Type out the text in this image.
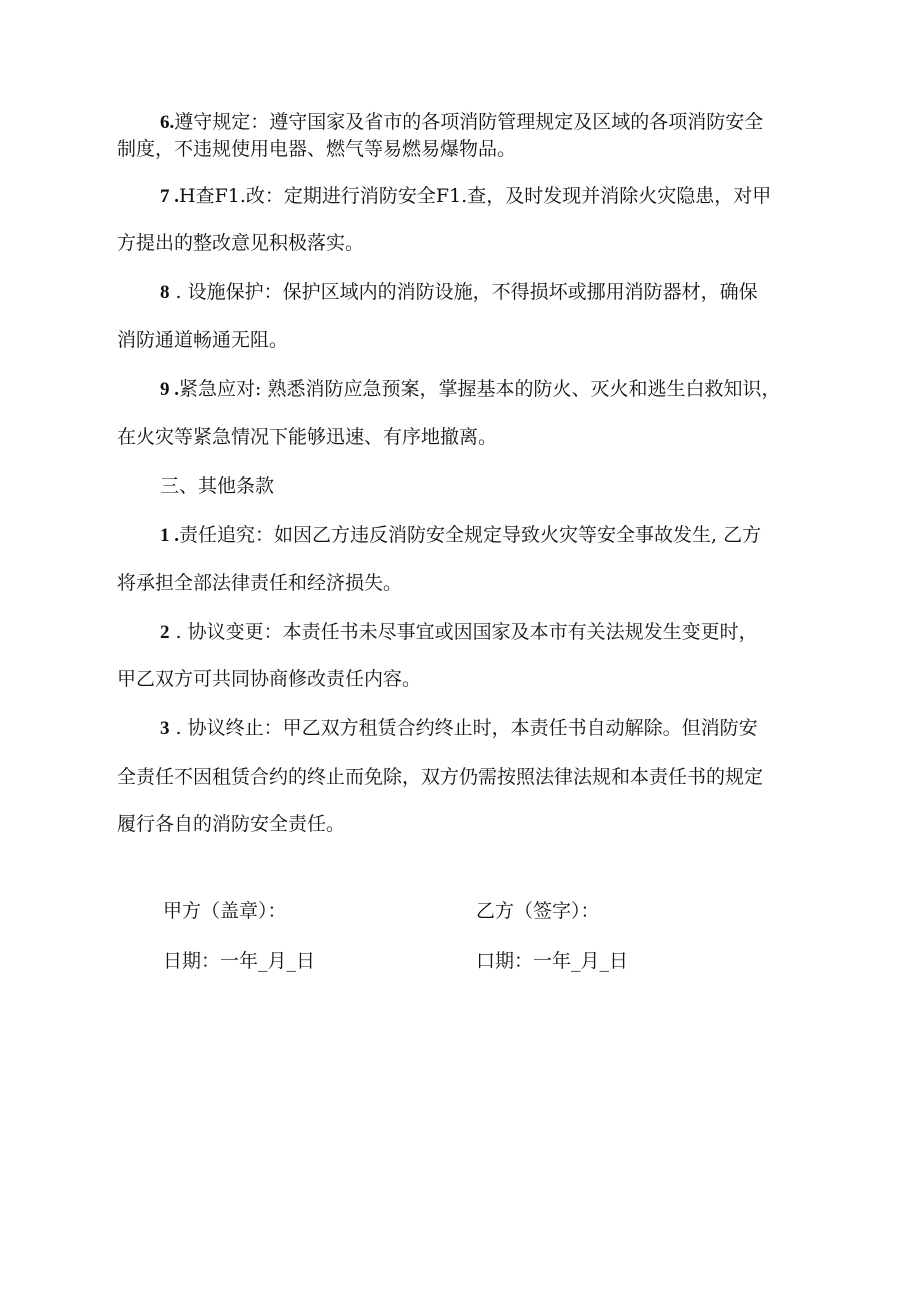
6.遵守规定：遵守国家及省市的各项消防管理规定及区域的各项消防安全

制度，不违规使用电器、燃气等易燃易爆物品。

7 .H查F1.改：定期进行消防安全F1.查，及时发现并消除火灾隐患，对甲

方提出的整改意见积极落实。

8 . 设施保护：保护区域内的消防设施，不得损坏或挪用消防器材，确保

消防通道畅通无阻。

9 .紧急应对: 熟悉消防应急预案，掌握基本的防火、灭火和逃生白救知识，

在火灾等紧急情况下能够迅速、有序地撤离。

三、其他条款

1 .责任追究：如因乙方违反消防安全规定导致火灾等安全事故发生, 乙方

将承担全部法律责任和经济损失。

2 . 协议变更：本责任书未尽事宜或因国家及本市有关法规发生变更时，

甲乙双方可共同协商修改责任内容。

3 . 协议终止：甲乙双方租赁合约终止时，本责任书自动解除。但消防安

全责任不因租赁合约的终止而免除，双方仍需按照法律法规和本责任书的规定

履行各自的消防安全责任。

甲方（盖章）：	乙方（签字）：

日期：一年_月_日	口期：一年_月_日
